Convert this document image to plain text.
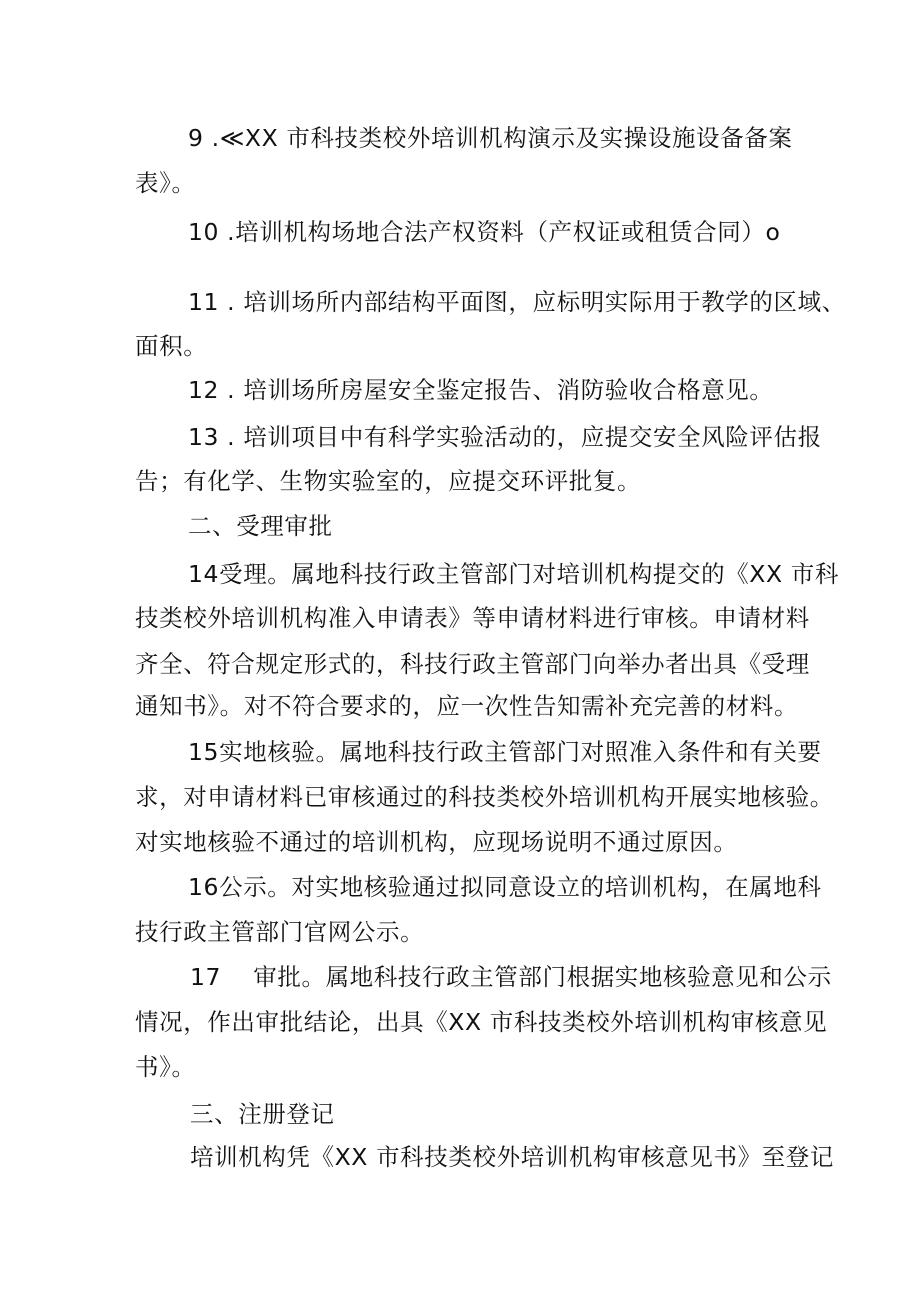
9 .≪XX 市科技类校外培训机构演示及实操设施设备备案
表》。
10 .培训机构场地合法产权资料（产权证或租赁合同）o
11 . 培训场所内部结构平面图，应标明实际用于教学的区域、
面积。
12 . 培训场所房屋安全鉴定报告、消防验收合格意见。
13 . 培训项目中有科学实验活动的，应提交安全风险评估报
告；有化学、生物实验室的，应提交环评批复。
二、受理审批
14受理。属地科技行政主管部门对培训机构提交的《XX 市科
技类校外培训机构准入申请表》等申请材料进行审核。申请材料
齐全、符合规定形式的，科技行政主管部门向举办者出具《受理
通知书》。对不符合要求的，应一次性告知需补充完善的材料。
15实地核验。属地科技行政主管部门对照准入条件和有关要
求，对申请材料已审核通过的科技类校外培训机构开展实地核验。
对实地核验不通过的培训机构，应现场说明不通过原因。
16公示。对实地核验通过拟同意设立的培训机构，在属地科
技行政主管部门官网公示。
17　 审批。属地科技行政主管部门根据实地核验意见和公示
情况，作出审批结论，出具《XX 市科技类校外培训机构审核意见
书》。
三、注册登记
培训机构凭《XX 市科技类校外培训机构审核意见书》至登记
